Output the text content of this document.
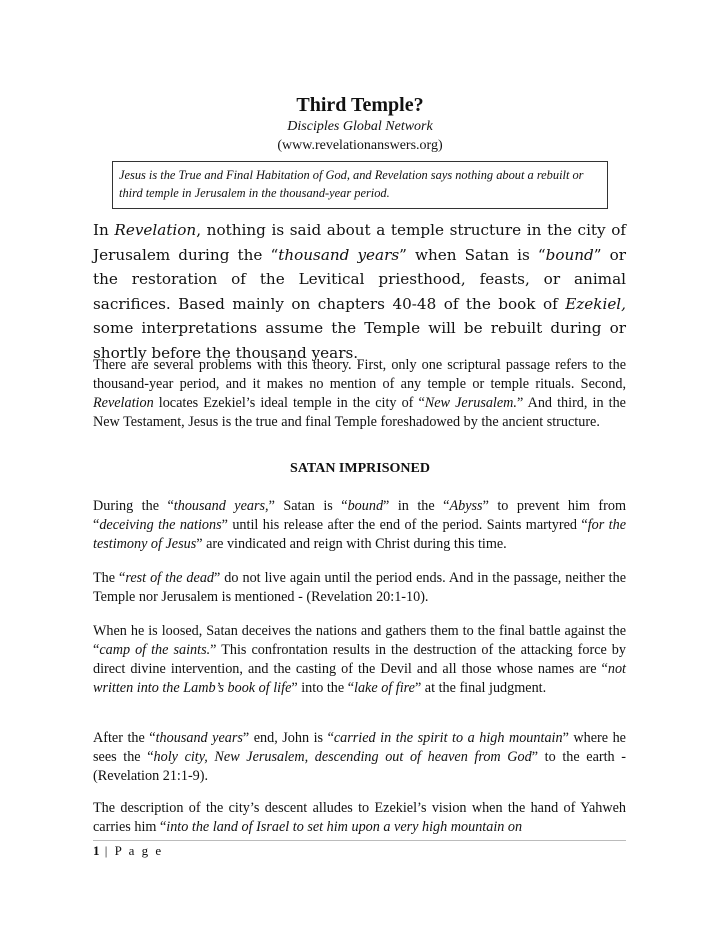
Third Temple?
Disciples Global Network
(www.revelationanswers.org)
Jesus is the True and Final Habitation of God, and Revelation says nothing about a rebuilt or third temple in Jerusalem in the thousand-year period.

In Revelation, nothing is said about a temple structure in the city of Jerusalem during the “thousand years” when Satan is “bound” or the restoration of the Levitical priesthood, feasts, or animal sacrifices. Based mainly on chapters 40-48 of the book of Ezekiel, some interpretations assume the Temple will be rebuilt during or shortly before the thousand years.

There are several problems with this theory. First, only one scriptural passage refers to the thousand-year period, and it makes no mention of any temple or temple rituals. Second, Revelation locates Ezekiel’s ideal temple in the city of “New Jerusalem.” And third, in the New Testament, Jesus is the true and final Temple foreshadowed by the ancient structure.

SATAN IMPRISONED

During the “thousand years,” Satan is “bound” in the “Abyss” to prevent him from “deceiving the nations” until his release after the end of the period. Saints martyred “for the testimony of Jesus” are vindicated and reign with Christ during this time.

The “rest of the dead” do not live again until the period ends. And in the passage, neither the Temple nor Jerusalem is mentioned - (Revelation 20:1-10).

When he is loosed, Satan deceives the nations and gathers them to the final battle against the “camp of the saints.” This confrontation results in the destruction of the attacking force by direct divine intervention, and the casting of the Devil and all those whose names are “not written into the Lamb’s book of life” into the “lake of fire” at the final judgment.

After the “thousand years” end, John is “carried in the spirit to a high mountain” where he sees the “holy city, New Jerusalem, descending out of heaven from God” to the earth - (Revelation 21:1-9).

The description of the city’s descent alludes to Ezekiel’s vision when the hand of Yahweh carries him “into the land of Israel to set him upon a very high mountain on

1 | P a g e
